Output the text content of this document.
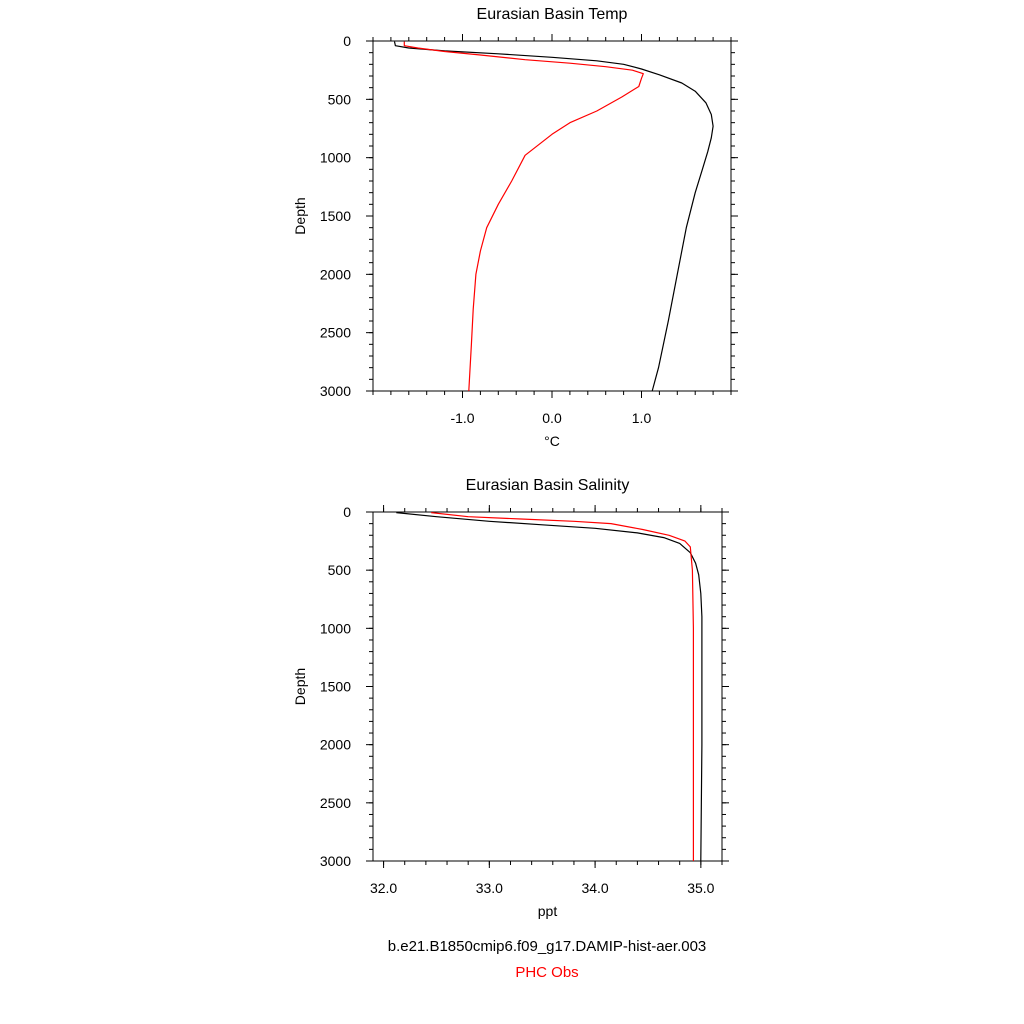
Eurasian Basin Temp
-1.0	0.0	1.0
0
500
1000
1500
2000
2500
3000
°C
Depth
Eurasian Basin Salinity
32.0	33.0	34.0	35.0
0
500
1000
1500
2000
2500
3000
ppt
Depth
b.e21.B1850cmip6.f09_g17.DAMIP-hist-aer.003
PHC Obs
